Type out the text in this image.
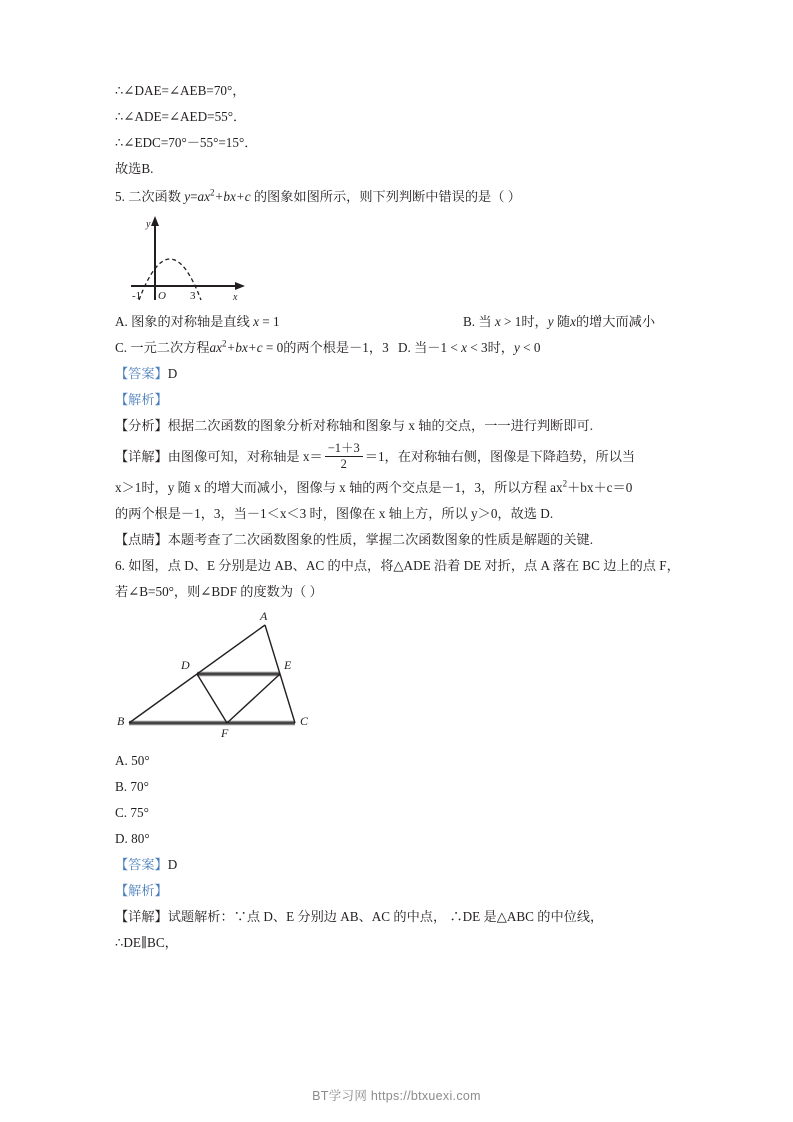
∴∠DAE=∠AEB=70°，
∴∠ADE=∠AED=55°．
∴∠EDC=70°－55°=15°．
故选B.
5. 二次函数 $y=ax^2+bx+c$ 的图象如图所示，则下列判断中错误的是（ ）
-1 O 3
y
x
A. 图象的对称轴是直线 x = 1	B. 当 x > 1时，y 随x的增大而减小
C. 一元二次方程$ax^2+bx+c = 0$的两个根是－1，3 D. 当－1 < x < 3时，y < 0
【答案】D
【解析】
【分析】根据二次函数的图象分析对称轴和图象与 x 轴的交点，一一进行判断即可.
【详解】由图像可知，对称轴是 $x= \frac{-1+3}{2} =1$，在对称轴右侧，图像是下降趋势，所以当
x＞1时，y 随 x 的增大而减小，图像与 x 轴的两个交点是－1，3，所以方程 $ax^2+bx+c=0$
的两个根是－1，3，当－1＜x＜3 时，图像在 x 轴上方，所以 y＞0，故选 D.
【点睛】本题考查了二次函数图象的性质，掌握二次函数图象的性质是解题的关键.
6. 如图，点 D、E 分别是边 AB、AC 的中点，将△ADE 沿着 DE 对折，点 A 落在 BC 边上的点 F，
若∠B=50°，则∠BDF 的度数为（ ）
A
B	C
D	E
F
A. 50°
B. 70°
C. 75°
D. 80°
【答案】D
【解析】
【详解】试题解析：∵点 D、E 分别边 AB、AC 的中点， ∴DE 是△ABC 的中位线，
∴DE∥BC，
BT学习网 https://btxuexi.com
